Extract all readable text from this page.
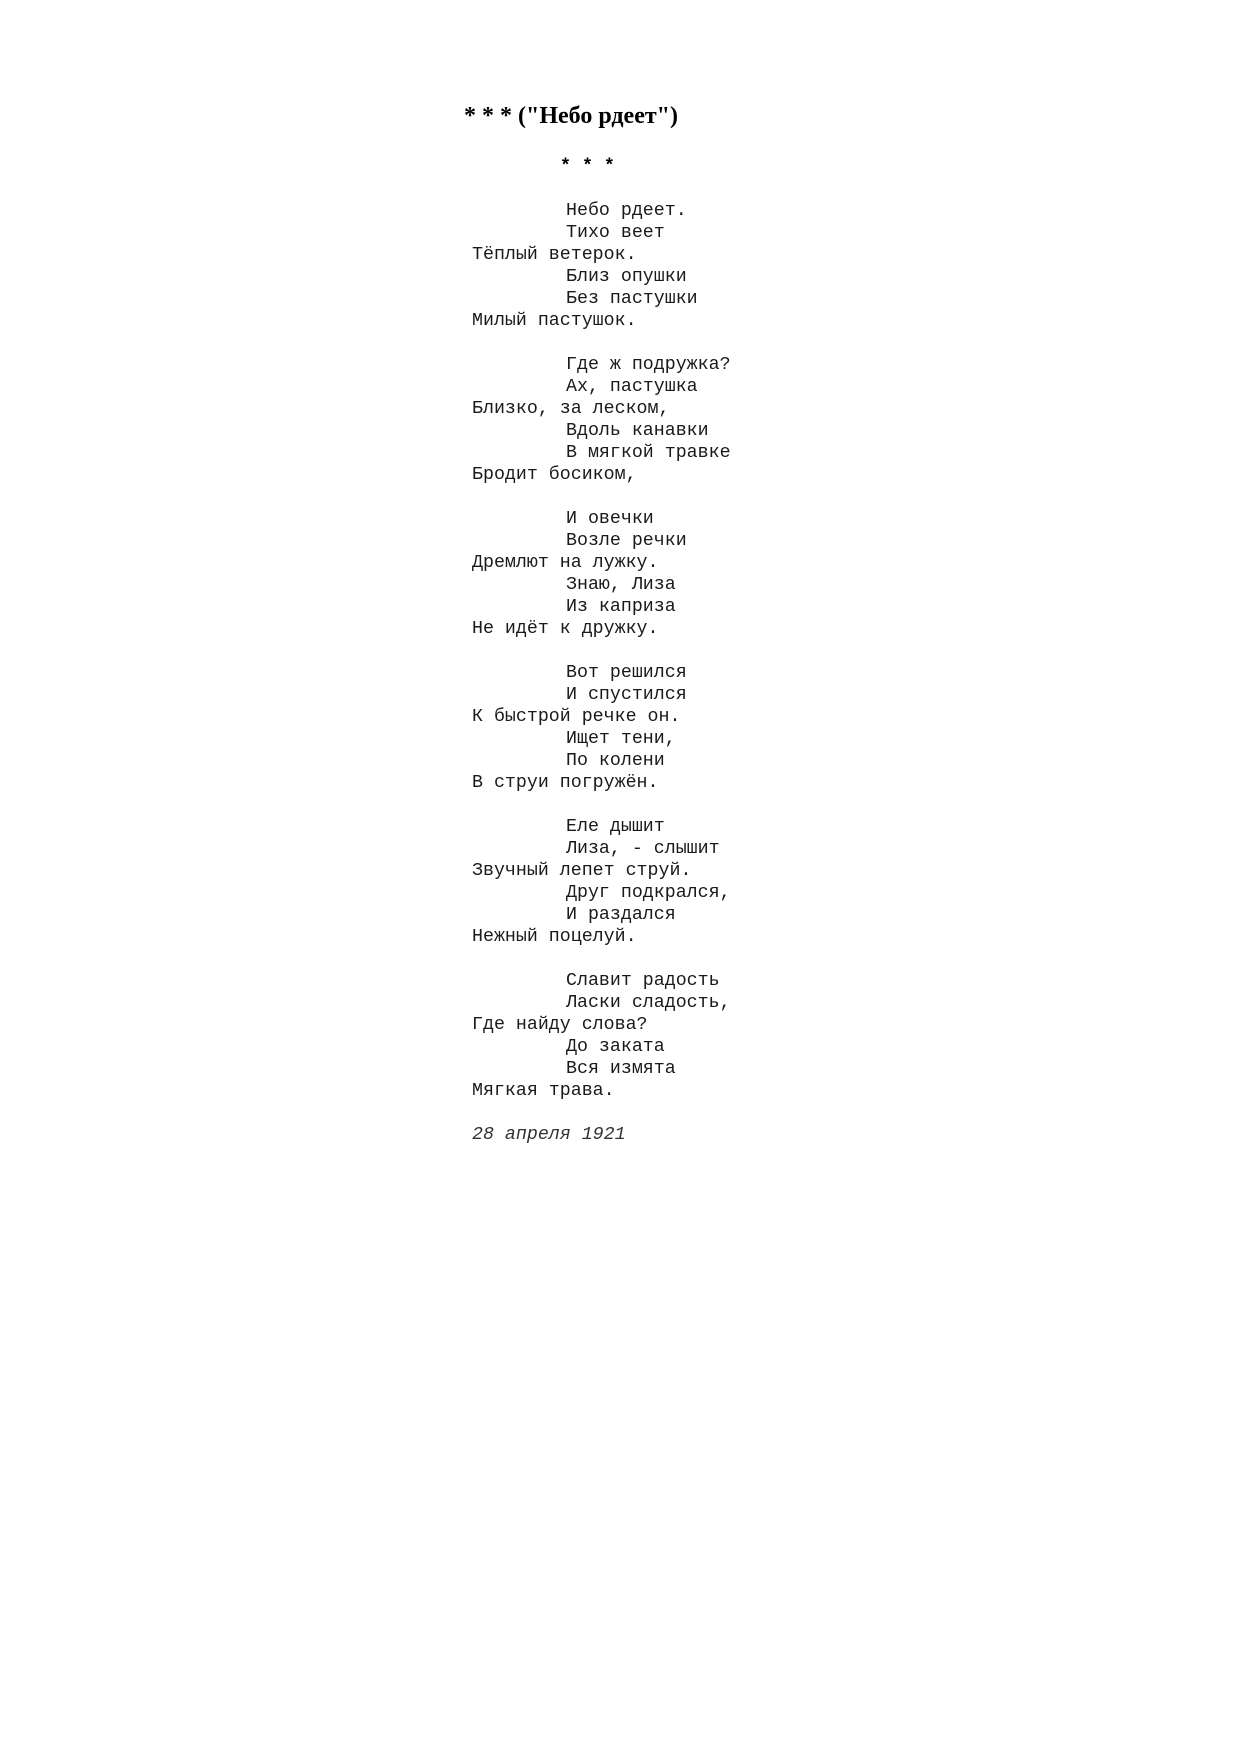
* * * ("Небо рдеет")
* * *
Небо рдеет.
Тихо веет
Тёплый ветерок.
Близ опушки
Без пастушки
Милый пастушок.
Где ж подружка?
Ах, пастушка
Близко, за леском,
Вдоль канавки
В мягкой травке
Бродит босиком,
И овечки
Возле речки
Дремлют на лужку.
Знаю, Лиза
Из каприза
Не идёт к дружку.
Вот решился
И спустился
К быстрой речке он.
Ищет тени,
По колени
В струи погружён.
Еле дышит
Лиза, - слышит
Звучный лепет струй.
Друг подкрался,
И раздался
Нежный поцелуй.
Славит радость
Ласки сладость,
Где найду слова?
До заката
Вся измята
Мягкая трава.
28 апреля 1921
